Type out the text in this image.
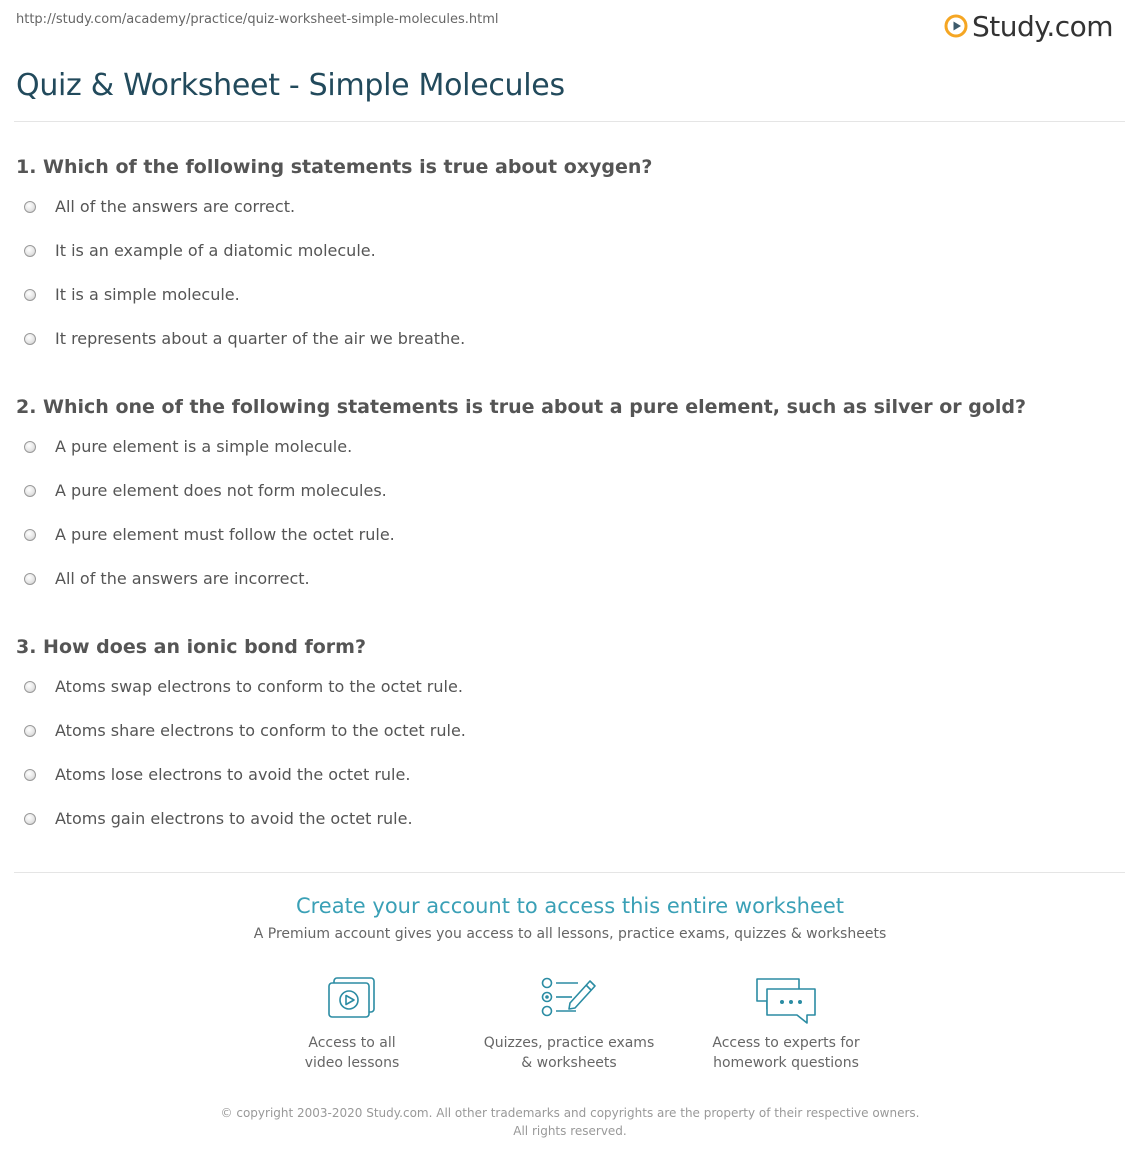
http://study.com/academy/practice/quiz-worksheet-simple-molecules.html	Study.com
Quiz & Worksheet - Simple Molecules
1. Which of the following statements is true about oxygen?
All of the answers are correct.
It is an example of a diatomic molecule.
It is a simple molecule.
It represents about a quarter of the air we breathe.
2. Which one of the following statements is true about a pure element, such as silver or gold?
A pure element is a simple molecule.
A pure element does not form molecules.
A pure element must follow the octet rule.
All of the answers are incorrect.
3. How does an ionic bond form?
Atoms swap electrons to conform to the octet rule.
Atoms share electrons to conform to the octet rule.
Atoms lose electrons to avoid the octet rule.
Atoms gain electrons to avoid the octet rule.
Create your account to access this entire worksheet
A Premium account gives you access to all lessons, practice exams, quizzes & worksheets
Access to all
video lessons
Quizzes, practice exams
& worksheets
Access to experts for
homework questions
© copyright 2003-2020 Study.com. All other trademarks and copyrights are the property of their respective owners. All rights reserved.
